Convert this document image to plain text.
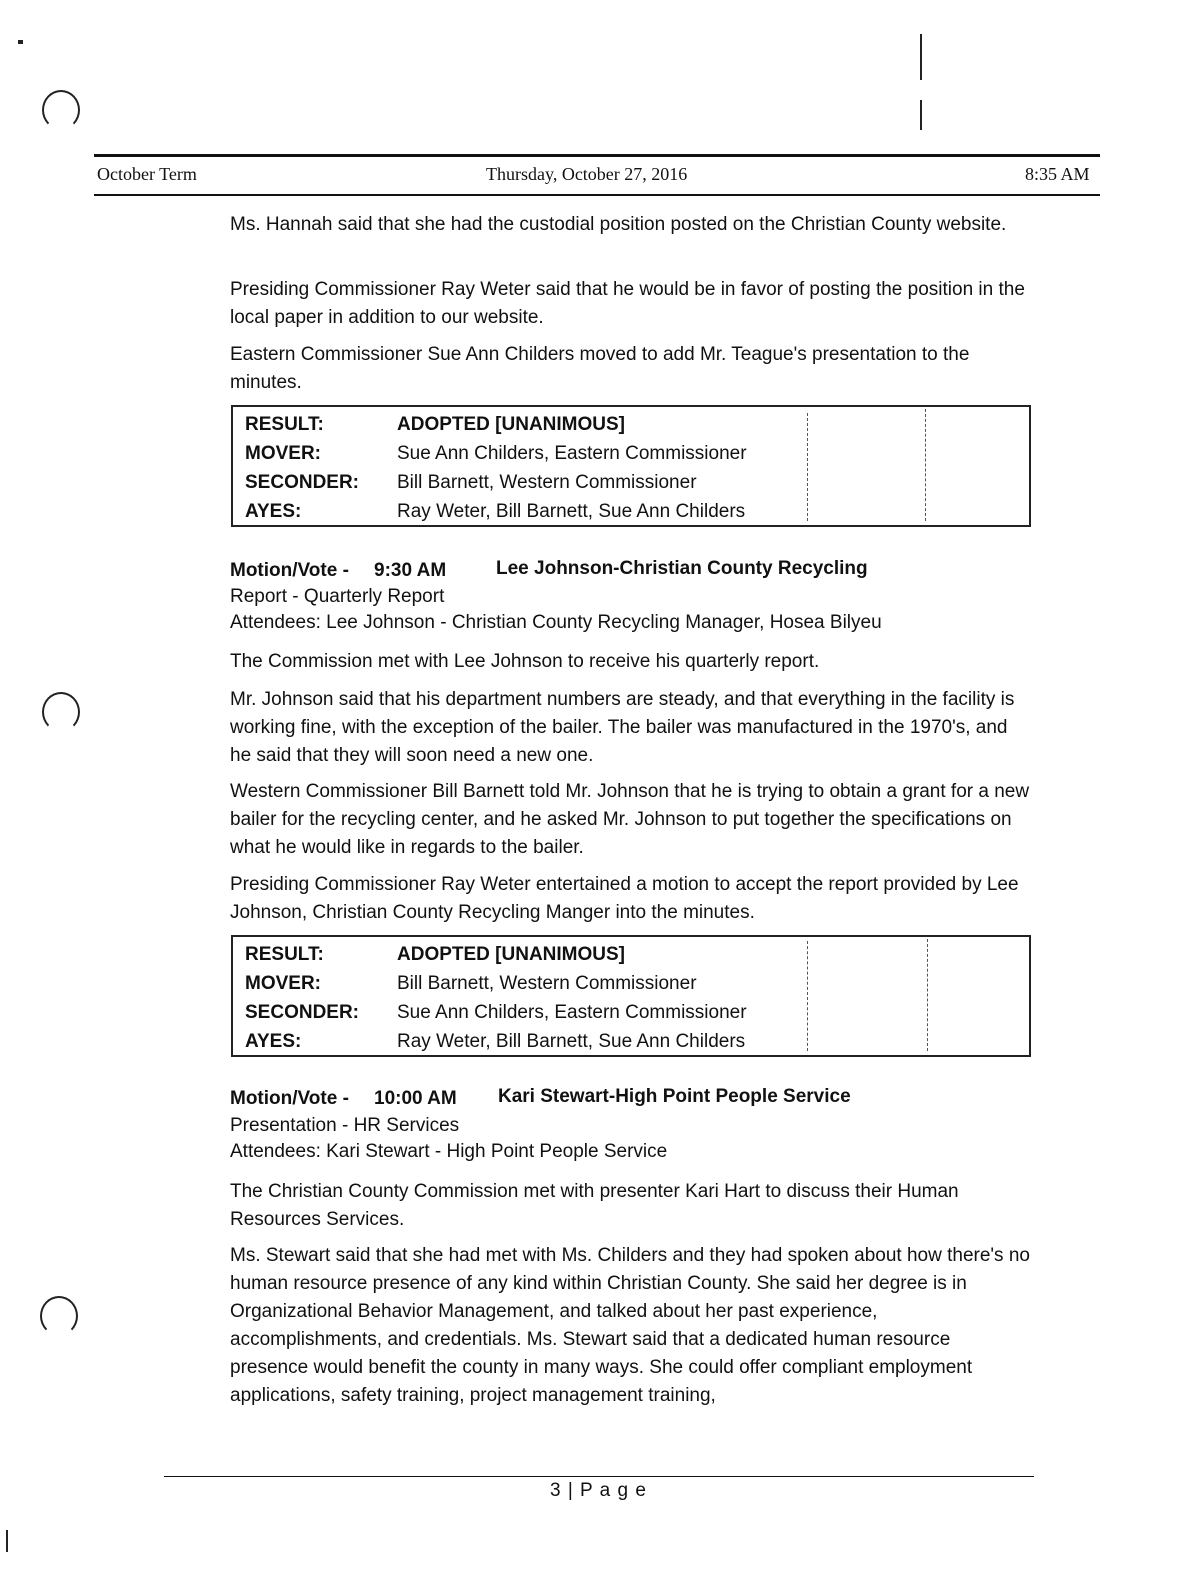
October Term	Thursday, October 27, 2016	8:35 AM

Ms. Hannah said that she had the custodial position posted on the Christian County website.

Presiding Commissioner Ray Weter said that he would be in favor of posting the position in the local paper in addition to our website.

Eastern Commissioner Sue Ann Childers moved to add Mr. Teague's presentation to the minutes.

RESULT:	ADOPTED [UNANIMOUS]
MOVER:	Sue Ann Childers, Eastern Commissioner
SECONDER:	Bill Barnett, Western Commissioner
AYES:	Ray Weter, Bill Barnett, Sue Ann Childers
Motion/Vote - 9:30 AM	Lee Johnson-Christian County Recycling
Report - Quarterly Report
Attendees: Lee Johnson - Christian County Recycling Manager, Hosea Bilyeu

The Commission met with Lee Johnson to receive his quarterly report.

Mr. Johnson said that his department numbers are steady, and that everything in the facility is working fine, with the exception of the bailer. The bailer was manufactured in the 1970's, and he said that they will soon need a new one.

Western Commissioner Bill Barnett told Mr. Johnson that he is trying to obtain a grant for a new bailer for the recycling center, and he asked Mr. Johnson to put together the specifications on what he would like in regards to the bailer.

Presiding Commissioner Ray Weter entertained a motion to accept the report provided by Lee Johnson, Christian County Recycling Manger into the minutes.

RESULT:	ADOPTED [UNANIMOUS]
MOVER:	Bill Barnett, Western Commissioner
SECONDER:	Sue Ann Childers, Eastern Commissioner
AYES:	Ray Weter, Bill Barnett, Sue Ann Childers
Motion/Vote - 10:00 AM Kari Stewart-High Point People Service
Presentation - HR Services
Attendees: Kari Stewart - High Point People Service

The Christian County Commission met with presenter Kari Hart to discuss their Human Resources Services.

Ms. Stewart said that she had met with Ms. Childers and they had spoken about how there's no human resource presence of any kind within Christian County. She said her degree is in Organizational Behavior Management, and talked about her past experience, accomplishments, and credentials. Ms. Stewart said that a dedicated human resource presence would benefit the county in many ways. She could offer compliant employment applications, safety training, project management training,

3 | P a g e
